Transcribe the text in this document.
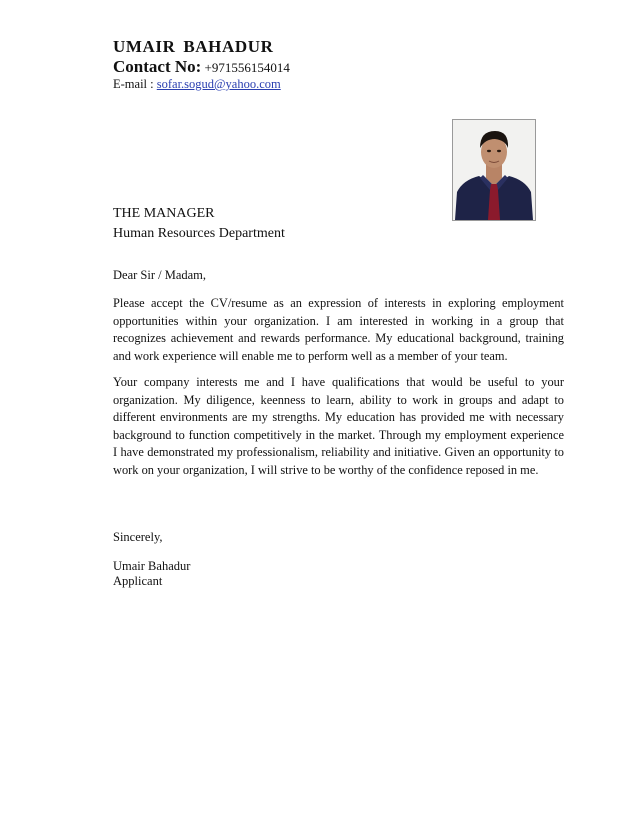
UMAIR BAHADUR
Contact No: +971556154014
E-mail : sofar.sogud@yahoo.com
THE MANAGER
Human Resources Department
Dear Sir / Madam,
Please accept the CV/resume as an expression of interests in exploring employment opportunities within your organization. I am interested in working in a group that recognizes achievement and rewards performance. My educational background, training and work experience will enable me to perform well as a member of your team.
Your company interests me and I have qualifications that would be useful to your organization. My diligence, keenness to learn, ability to work in groups and adapt to different environments are my strengths. My education has provided me with necessary background to function competitively in the market. Through my employment experience I have demonstrated my professionalism, reliability and initiative. Given an opportunity to work on your organization, I will strive to be worthy of the confidence reposed in me.
Sincerely,
Umair Bahadur
Applicant
